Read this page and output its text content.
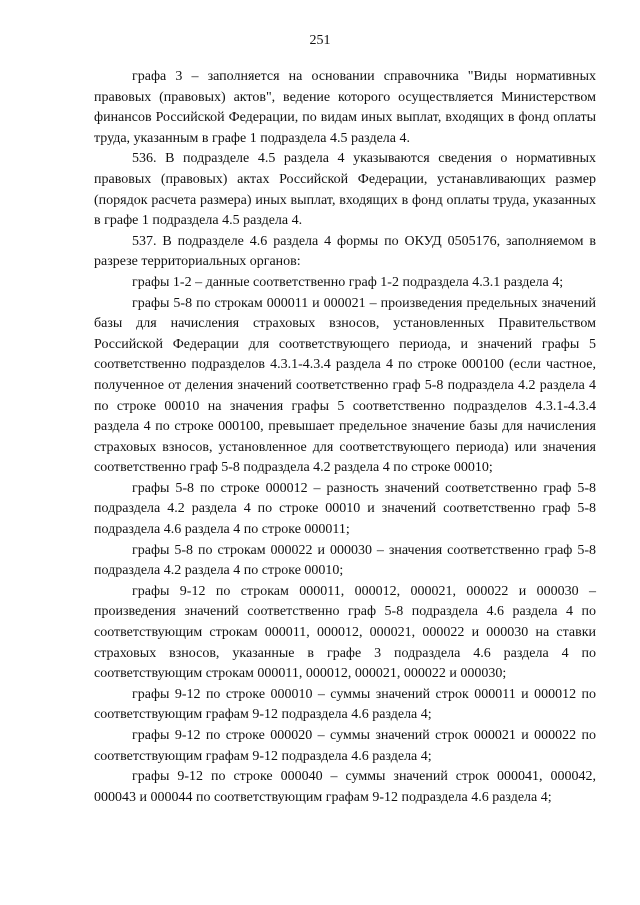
251

графа 3 – заполняется на основании справочника "Виды нормативных правовых (правовых) актов", ведение которого осуществляется Министерством финансов Российской Федерации, по видам иных выплат, входящих в фонд оплаты труда, указанным в графе 1 подраздела 4.5 раздела 4.

536. В подразделе 4.5 раздела 4 указываются сведения о нормативных правовых (правовых) актах Российской Федерации, устанавливающих размер (порядок расчета размера) иных выплат, входящих в фонд оплаты труда, указанных в графе 1 подраздела 4.5 раздела 4.

537. В подразделе 4.6 раздела 4 формы по ОКУД 0505176, заполняемом в разрезе территориальных органов:

графы 1-2 – данные соответственно граф 1-2 подраздела 4.3.1 раздела 4;

графы 5-8 по строкам 000011 и 000021 – произведения предельных значений базы для начисления страховых взносов, установленных Правительством Российской Федерации для соответствующего периода, и значений графы 5 соответственно подразделов 4.3.1-4.3.4 раздела 4 по строке 000100 (если частное, полученное от деления значений соответственно граф 5-8 подраздела 4.2 раздела 4 по строке 00010 на значения графы 5 соответственно подразделов 4.3.1-4.3.4 раздела 4 по строке 000100, превышает предельное значение базы для начисления страховых взносов, установленное для соответствующего периода) или значения соответственно граф 5-8 подраздела 4.2 раздела 4 по строке 00010;

графы 5-8 по строке 000012 – разность значений соответственно граф 5-8 подраздела 4.2 раздела 4 по строке 00010 и значений соответственно граф 5-8 подраздела 4.6 раздела 4 по строке 000011;

графы 5-8 по строкам 000022 и 000030 – значения соответственно граф 5-8 подраздела 4.2 раздела 4 по строке 00010;

графы 9-12 по строкам 000011, 000012, 000021, 000022 и 000030 – произведения значений соответственно граф 5-8 подраздела 4.6 раздела 4 по соответствующим строкам 000011, 000012, 000021, 000022 и 000030 на ставки страховых взносов, указанные в графе 3 подраздела 4.6 раздела 4 по соответствующим строкам 000011, 000012, 000021, 000022 и 000030;

графы 9-12 по строке 000010 – суммы значений строк 000011 и 000012 по соответствующим графам 9-12 подраздела 4.6 раздела 4;

графы 9-12 по строке 000020 – суммы значений строк 000021 и 000022 по соответствующим графам 9-12 подраздела 4.6 раздела 4;

графы 9-12 по строке 000040 – суммы значений строк 000041, 000042, 000043 и 000044 по соответствующим графам 9-12 подраздела 4.6 раздела 4;
